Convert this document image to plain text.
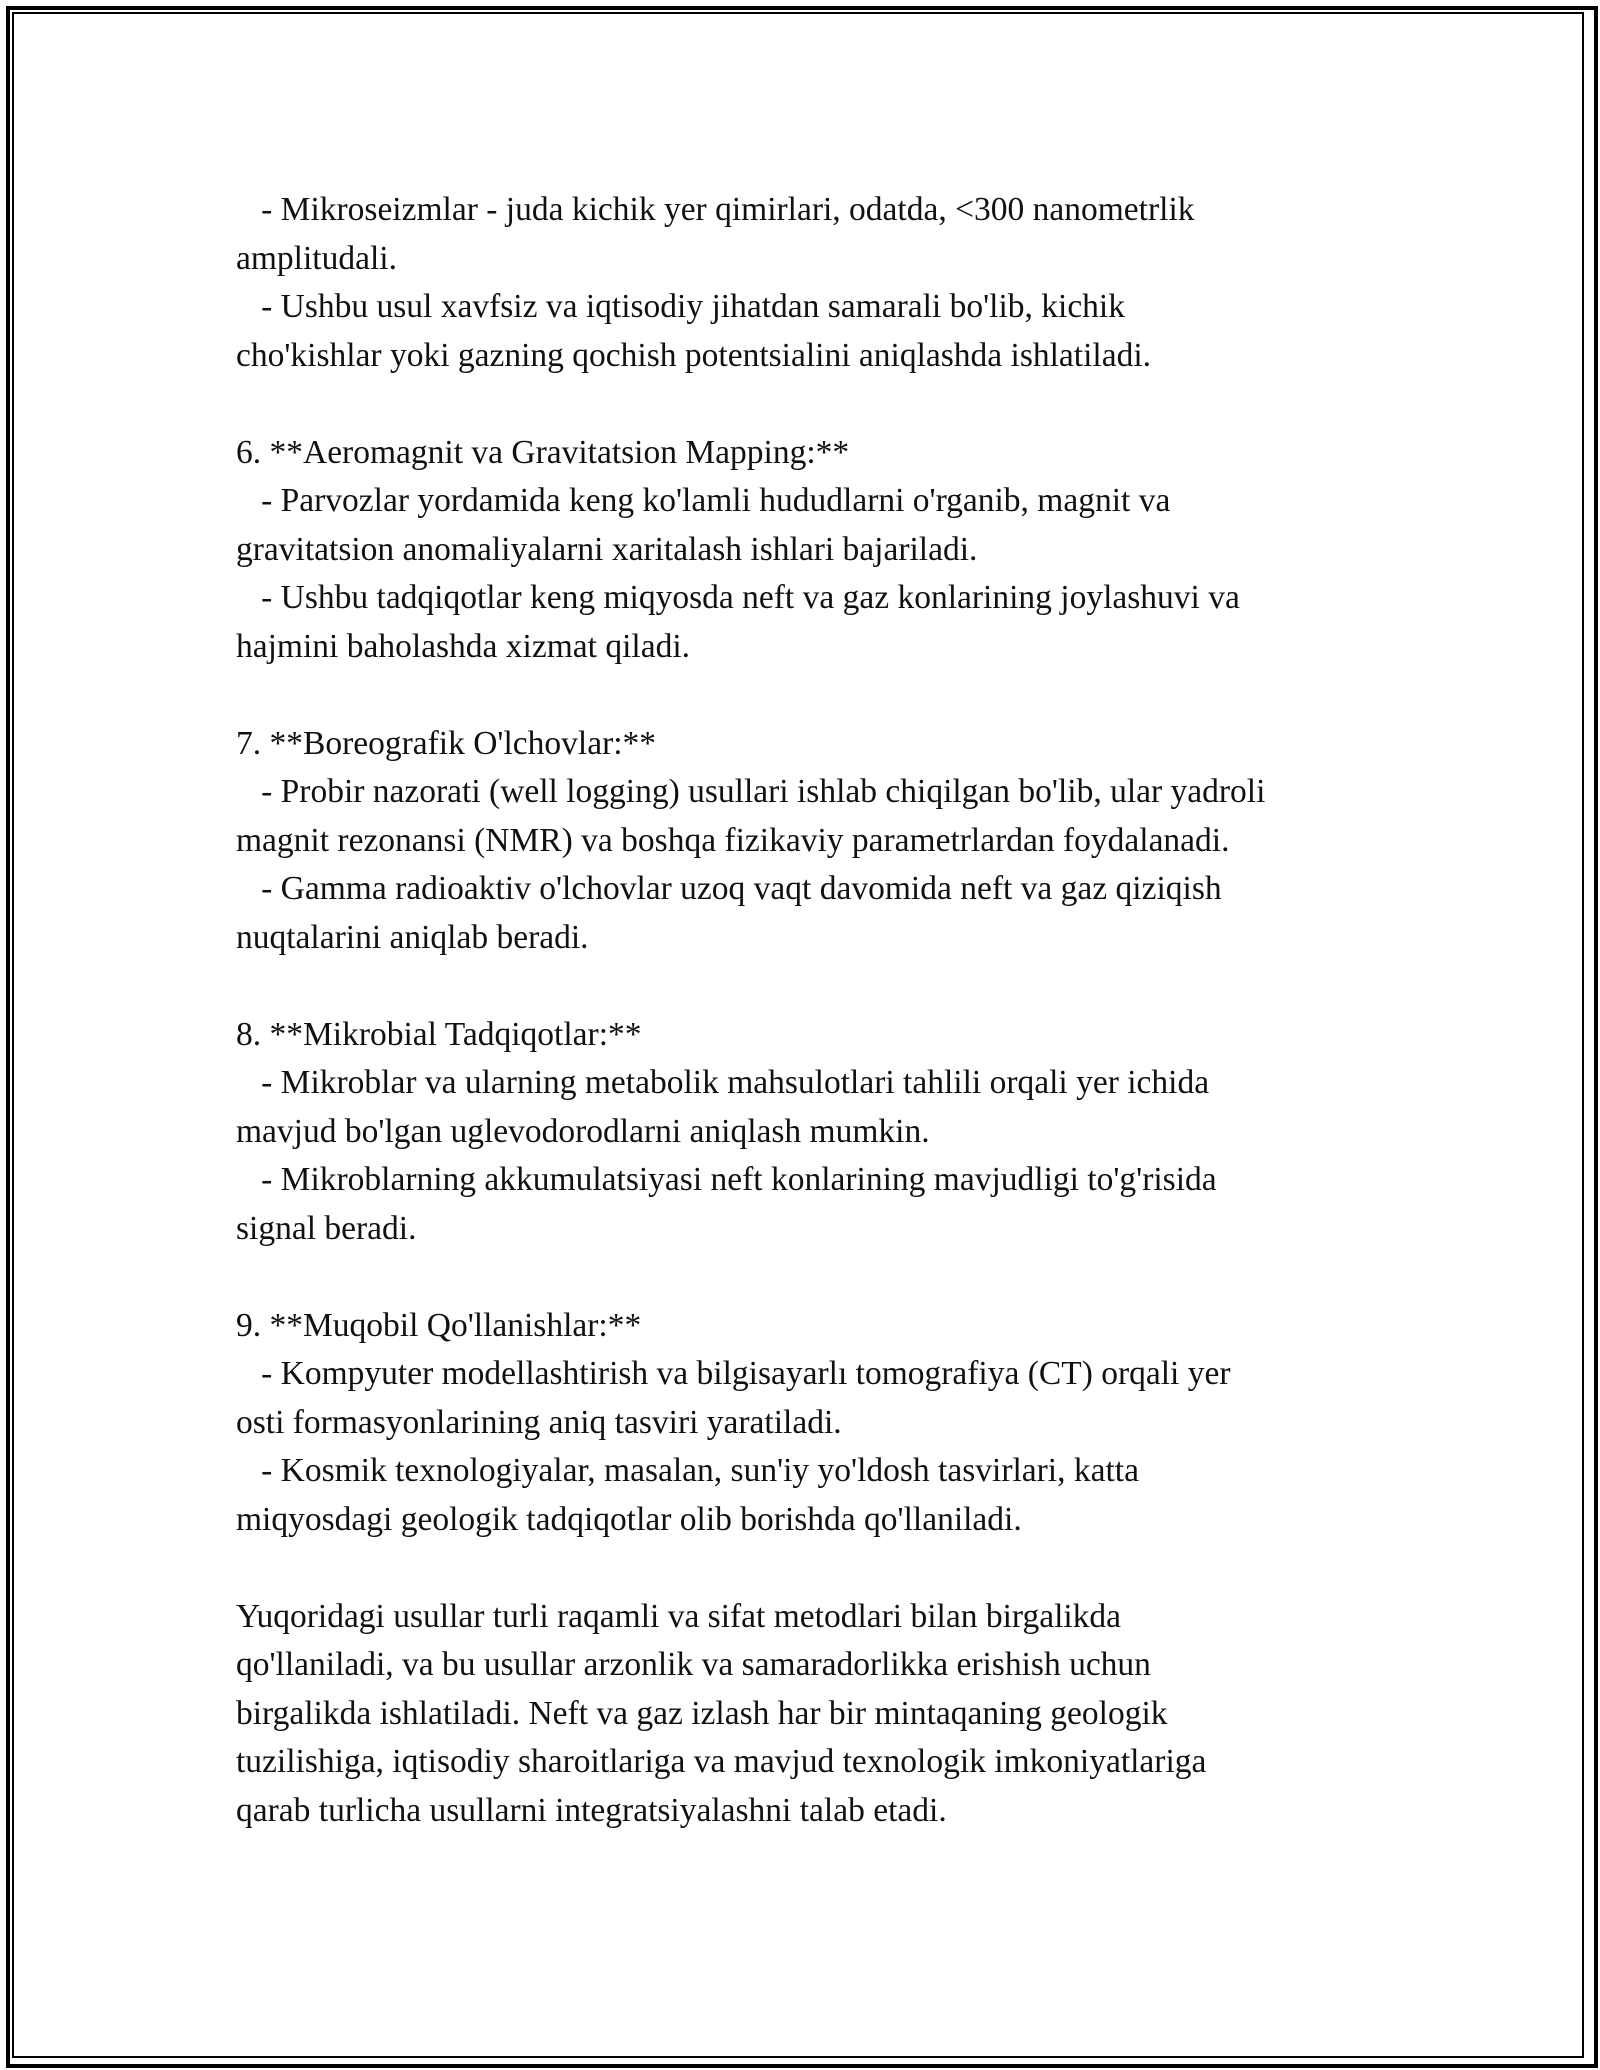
- Mikroseizmlar - juda kichik yer qimirlari, odatda, <300 nanometrlik
amplitudali.
- Ushbu usul xavfsiz va iqtisodiy jihatdan samarali bo'lib, kichik
cho'kishlar yoki gazning qochish potentsialini aniqlashda ishlatiladi.
6. **Aeromagnit va Gravitatsion Mapping:**
- Parvozlar yordamida keng ko'lamli hududlarni o'rganib, magnit va
gravitatsion anomaliyalarni xaritalash ishlari bajariladi.
- Ushbu tadqiqotlar keng miqyosda neft va gaz konlarining joylashuvi va
hajmini baholashda xizmat qiladi.
7. **Boreografik O'lchovlar:**
- Probir nazorati (well logging) usullari ishlab chiqilgan bo'lib, ular yadroli
magnit rezonansi (NMR) va boshqa fizikaviy parametrlardan foydalanadi.
- Gamma radioaktiv o'lchovlar uzoq vaqt davomida neft va gaz qiziqish
nuqtalarini aniqlab beradi.
8. **Mikrobial Tadqiqotlar:**
- Mikroblar va ularning metabolik mahsulotlari tahlili orqali yer ichida
mavjud bo'lgan uglevodorodlarni aniqlash mumkin.
- Mikroblarning akkumulatsiyasi neft konlarining mavjudligi to'g'risida
signal beradi.
9. **Muqobil Qo'llanishlar:**
- Kompyuter modellashtirish va bilgisayarlı tomografiya (CT) orqali yer
osti formasyonlarining aniq tasviri yaratiladi.
- Kosmik texnologiyalar, masalan, sun'iy yo'ldosh tasvirlari, katta
miqyosdagi geologik tadqiqotlar olib borishda qo'llaniladi.
Yuqoridagi usullar turli raqamli va sifat metodlari bilan birgalikda
qo'llaniladi, va bu usullar arzonlik va samaradorlikka erishish uchun
birgalikda ishlatiladi. Neft va gaz izlash har bir mintaqaning geologik
tuzilishiga, iqtisodiy sharoitlariga va mavjud texnologik imkoniyatlariga
qarab turlicha usullarni integratsiyalashni talab etadi.
